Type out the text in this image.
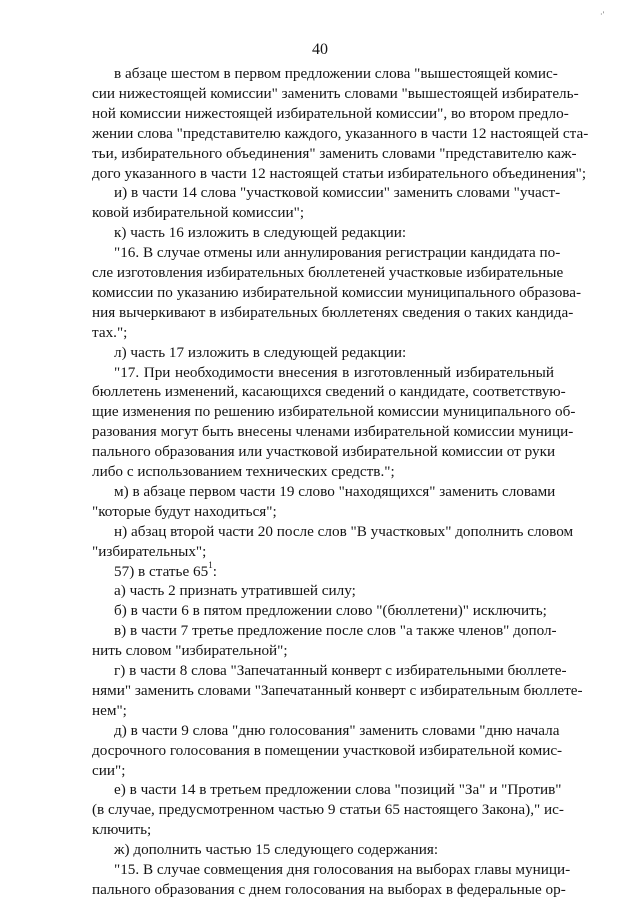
40
·'
в абзаце шестом в первом предложении слова "вышестоящей комис-
сии нижестоящей комиссии" заменить словами "вышестоящей избиратель-
ной комиссии нижестоящей избирательной комиссии", во втором предло-
жении слова "представителю каждого, указанного в части 12 настоящей ста-
тьи, избирательного объединения" заменить словами "представителю каж-
дого указанного в части 12 настоящей статьи избирательного объединения";
и) в части 14 слова "участковой комиссии" заменить словами "участ-
ковой избирательной комиссии";
к) часть 16 изложить в следующей редакции:
"16. В случае отмены или аннулирования регистрации кандидата по-
сле изготовления избирательных бюллетеней участковые избирательные
комиссии по указанию избирательной комиссии муниципального образова-
ния вычеркивают в избирательных бюллетенях сведения о таких кандида-
тах.";
л) часть 17 изложить в следующей редакции:
"17. При необходимости внесения в изготовленный избирательный
бюллетень изменений, касающихся сведений о кандидате, соответствую-
щие изменения по решению избирательной комиссии муниципального об-
разования могут быть внесены членами избирательной комиссии муници-
пального образования или участковой избирательной комиссии от руки
либо с использованием технических средств.";
м) в абзаце первом части 19 слово "находящихся" заменить словами
"которые будут находиться";
н) абзац второй части 20 после слов "В участковых" дополнить словом
"избирательных";
57) в статье $65^1$:
а) часть 2 признать утратившей силу;
б) в части 6 в пятом предложении слово "(бюллетени)" исключить;
в) в части 7 третье предложение после слов "а также членов" допол-
нить словом "избирательной";
г) в части 8 слова "Запечатанный конверт с избирательными бюллете-
нями" заменить словами "Запечатанный конверт с избирательным бюллете-
нем";
д) в части 9 слова "дню голосования" заменить словами "дню начала
досрочного голосования в помещении участковой избирательной комис-
сии";
е) в части 14 в третьем предложении слова "позиций "За" и "Против"
(в случае, предусмотренном частью 9 статьи 65 настоящего Закона)," ис-
ключить;
ж) дополнить частью 15 следующего содержания:
"15. В случае совмещения дня голосования на выборах главы муници-
пального образования с днем голосования на выборах в федеральные ор-
